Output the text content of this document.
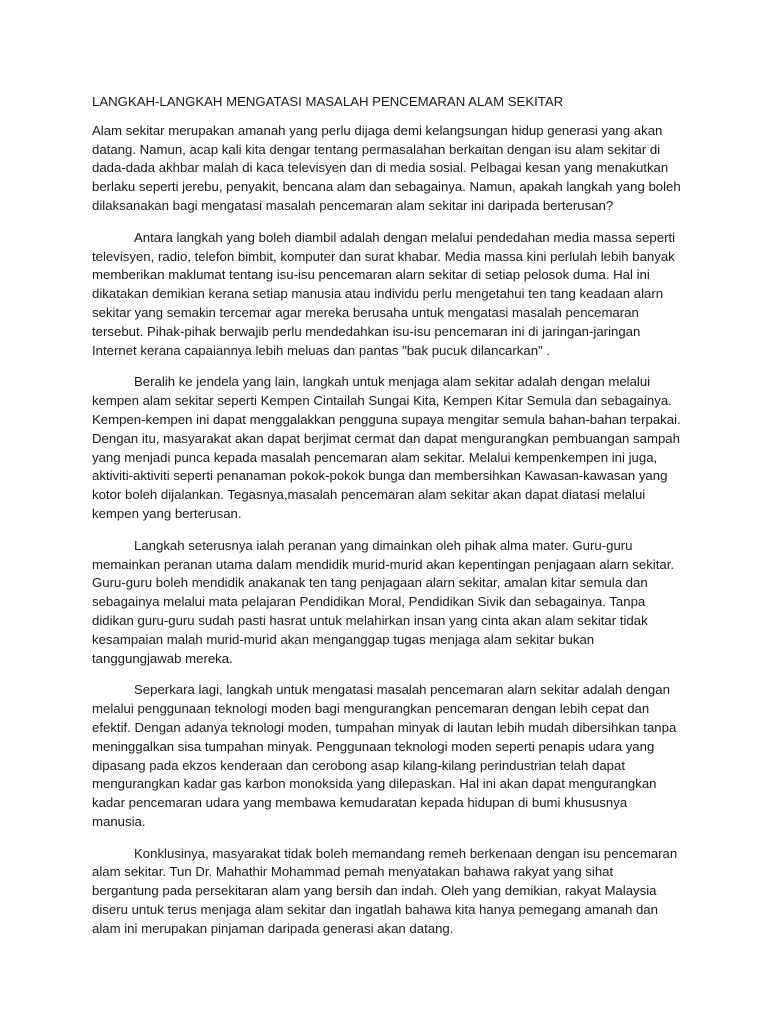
LANGKAH-LANGKAH MENGATASI MASALAH PENCEMARAN ALAM SEKITAR

Alam sekitar merupakan amanah yang perlu dijaga demi kelangsungan hidup generasi yang akan datang. Namun, acap kali kita dengar tentang permasalahan berkaitan dengan isu alam sekitar di dada-dada akhbar malah di kaca televisyen dan di media sosial. Pelbagai kesan yang menakutkan berlaku seperti jerebu, penyakit, bencana alam dan sebagainya. Namun, apakah langkah yang boleh dilaksanakan bagi mengatasi masalah pencemaran alam sekitar ini daripada berterusan?

Antara langkah yang boleh diambil adalah dengan melalui pendedahan media massa seperti televisyen, radio, telefon bimbit, komputer dan surat khabar. Media massa kini perlulah lebih banyak memberikan maklumat tentang isu-isu pencemaran alarn sekitar di setiap pelosok duma. Hal ini dikatakan demikian kerana setiap manusia atau individu perlu mengetahui ten tang keadaan alarn sekitar yang semakin tercemar agar mereka berusaha untuk mengatasi masalah pencemaran tersebut. Pihak-pihak berwajib perlu mendedahkan isu-isu pencemaran ini di jaringan-jaringan Internet kerana capaiannya lebih meluas dan pantas "bak pucuk dilancarkan" .

Beralih ke jendela yang lain, langkah untuk menjaga alam sekitar adalah dengan melalui kempen alam sekitar seperti Kempen Cintailah Sungai Kita, Kempen Kitar Semula dan sebagainya. Kempen-kempen ini dapat menggalakkan pengguna supaya mengitar semula bahan-bahan terpakai. Dengan itu, masyarakat akan dapat berjimat cermat dan dapat mengurangkan pembuangan sampah yang menjadi punca kepada masalah pencemaran alam sekitar. Melalui kempenkempen ini juga, aktiviti-aktiviti seperti penanaman pokok-pokok bunga dan membersihkan Kawasan-kawasan yang kotor boleh dijalankan. Tegasnya,masalah pencemaran alam sekitar akan dapat diatasi melalui kempen yang berterusan.

Langkah seterusnya ialah peranan yang dimainkan oleh pihak alma mater. Guru-guru memainkan peranan utama dalam mendidik murid-murid akan kepentingan penjagaan alarn sekitar. Guru-guru boleh mendidik anakanak ten tang penjagaan alarn sekitar, amalan kitar semula dan sebagainya melalui mata pelajaran Pendidikan Moral, Pendidikan Sivik dan sebagainya. Tanpa didikan guru-guru sudah pasti hasrat untuk melahirkan insan yang cinta akan alam sekitar tidak kesampaian malah murid-murid akan menganggap tugas menjaga alam sekitar bukan tanggungjawab mereka.

Seperkara lagi, langkah untuk mengatasi masalah pencemaran alarn sekitar adalah dengan melalui penggunaan teknologi moden bagi mengurangkan pencemaran dengan lebih cepat dan efektif. Dengan adanya teknologi moden, tumpahan minyak di lautan lebih mudah dibersihkan tanpa meninggalkan sisa tumpahan minyak. Penggunaan teknologi moden seperti penapis udara yang dipasang pada ekzos kenderaan dan cerobong asap kilang-kilang perindustrian telah dapat mengurangkan kadar gas karbon monoksida yang dilepaskan. Hal ini akan dapat mengurangkan kadar pencemaran udara yang membawa kemudaratan kepada hidupan di bumi khususnya manusia.

Konklusinya, masyarakat tidak boleh memandang remeh berkenaan dengan isu pencemaran alam sekitar. Tun Dr. Mahathir Mohammad pemah menyatakan bahawa rakyat yang sihat bergantung pada persekitaran alam yang bersih dan indah. Oleh yang demikian, rakyat Malaysia diseru untuk terus menjaga alam sekitar dan ingatlah bahawa kita hanya pemegang amanah dan alam ini merupakan pinjaman daripada generasi akan datang.
